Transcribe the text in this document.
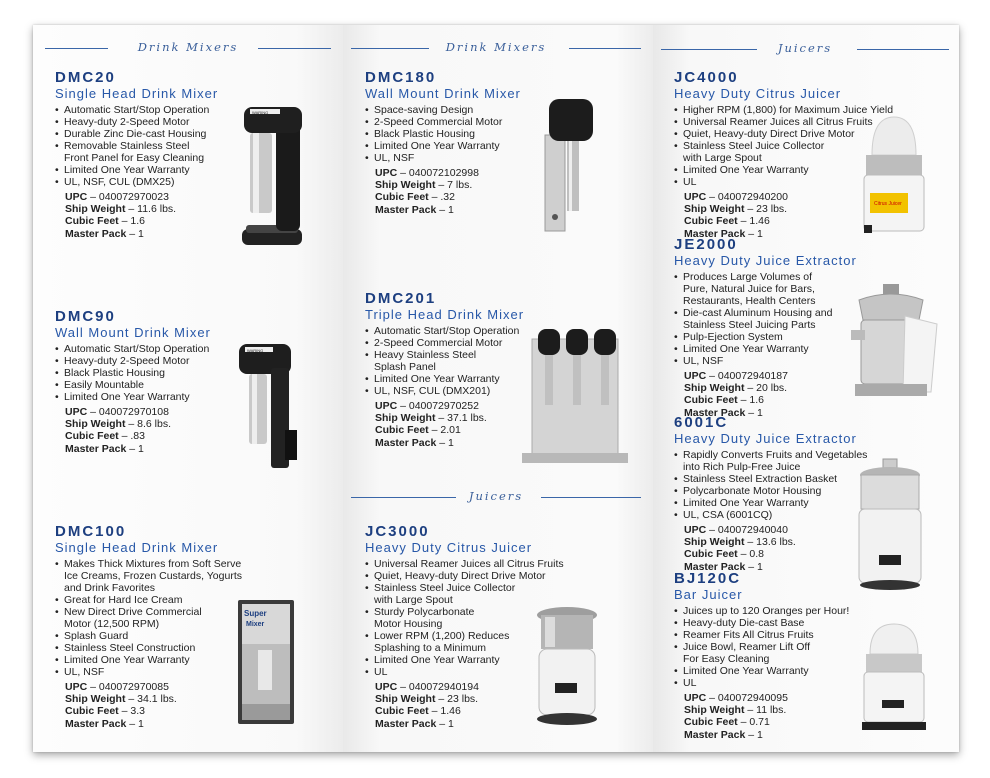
Drink Mixers
DMC20
Single Head Drink Mixer
• Automatic Start/Stop Operation
• Heavy-duty 2-Speed Motor
• Durable Zinc Die-cast Housing
• Removable Stainless Steel
Front Panel for Easy Cleaning
• Limited One Year Warranty
• UL, NSF, CUL (DMX25)
UPC – 040072970023
Ship Weight – 11.6 lbs.
Cubic Feet – 1.6
Master Pack – 1
DMC90
Wall Mount Drink Mixer
• Automatic Start/Stop Operation
• Heavy-duty 2-Speed Motor
• Black Plastic Housing
• Easily Mountable
• Limited One Year Warranty
UPC – 040072970108
Ship Weight – 8.6 lbs.
Cubic Feet – .83
Master Pack – 1
DMC100
Single Head Drink Mixer
• Makes Thick Mixtures from Soft Serve
Ice Creams, Frozen Custards, Yogurts
and Drink Favorites
• Great for Hard Ice Cream
• New Direct Drive Commercial
Motor (12,500 RPM)
• Splash Guard
• Stainless Steel Construction
• Limited One Year Warranty
• UL, NSF
UPC – 040072970085
Ship Weight – 34.1 lbs.
Cubic Feet – 3.3
Master Pack – 1
WARING
WARING
Super
Mixer
Drink Mixers
DMC180
Wall Mount Drink Mixer
• Space-saving Design
• 2-Speed Commercial Motor
• Black Plastic Housing
• Limited One Year Warranty
• UL, NSF
UPC – 040072102998
Ship Weight – 7 lbs.
Cubic Feet – .32
Master Pack – 1
DMC201
Triple Head Drink Mixer
• Automatic Start/Stop Operation
• 2-Speed Commercial Motor
• Heavy Stainless Steel
Splash Panel
• Limited One Year Warranty
• UL, NSF, CUL (DMX201)
UPC – 040072970252
Ship Weight – 37.1 lbs.
Cubic Feet – 2.01
Master Pack – 1
Juicers
JC3000
Heavy Duty Citrus Juicer
• Universal Reamer Juices all Citrus Fruits
• Quiet, Heavy-duty Direct Drive Motor
• Stainless Steel Juice Collector
with Large Spout
• Sturdy Polycarbonate
Motor Housing
• Lower RPM (1,200) Reduces
Splashing to a Minimum
• Limited One Year Warranty
• UL
UPC – 040072940194
Ship Weight – 23 lbs.
Cubic Feet – 1.46
Master Pack – 1
Juicers
JC4000
Heavy Duty Citrus Juicer
• Higher RPM (1,800) for Maximum Juice Yield
• Universal Reamer Juices all Citrus Fruits
• Quiet, Heavy-duty Direct Drive Motor
• Stainless Steel Juice Collector
with Large Spout
• Limited One Year Warranty
• UL
UPC – 040072940200
Ship Weight – 23 lbs.
Cubic Feet – 1.46
Master Pack – 1
JE2000
Heavy Duty Juice Extractor
• Produces Large Volumes of
Pure, Natural Juice for Bars,
Restaurants, Health Centers
• Die-cast Aluminum Housing and
Stainless Steel Juicing Parts
• Pulp-Ejection System
• Limited One Year Warranty
• UL, NSF
UPC – 040072940187
Ship Weight – 20 lbs.
Cubic Feet – 1.6
Master Pack – 1
6001C
Heavy Duty Juice Extractor
• Rapidly Converts Fruits and Vegetables
into Rich Pulp-Free Juice
• Stainless Steel Extraction Basket
• Polycarbonate Motor Housing
• Limited One Year Warranty
• UL, CSA (6001CQ)
UPC – 040072940040
Ship Weight – 13.6 lbs.
Cubic Feet – 0.8
Master Pack – 1
BJ120C
Bar Juicer
• Juices up to 120 Oranges per Hour!
• Heavy-duty Die-cast Base
• Reamer Fits All Citrus Fruits
• Juice Bowl, Reamer Lift Off
For Easy Cleaning
• Limited One Year Warranty
• UL
UPC – 040072940095
Ship Weight – 11 lbs.
Cubic Feet – 0.71
Master Pack – 1
Citrus Juicer
